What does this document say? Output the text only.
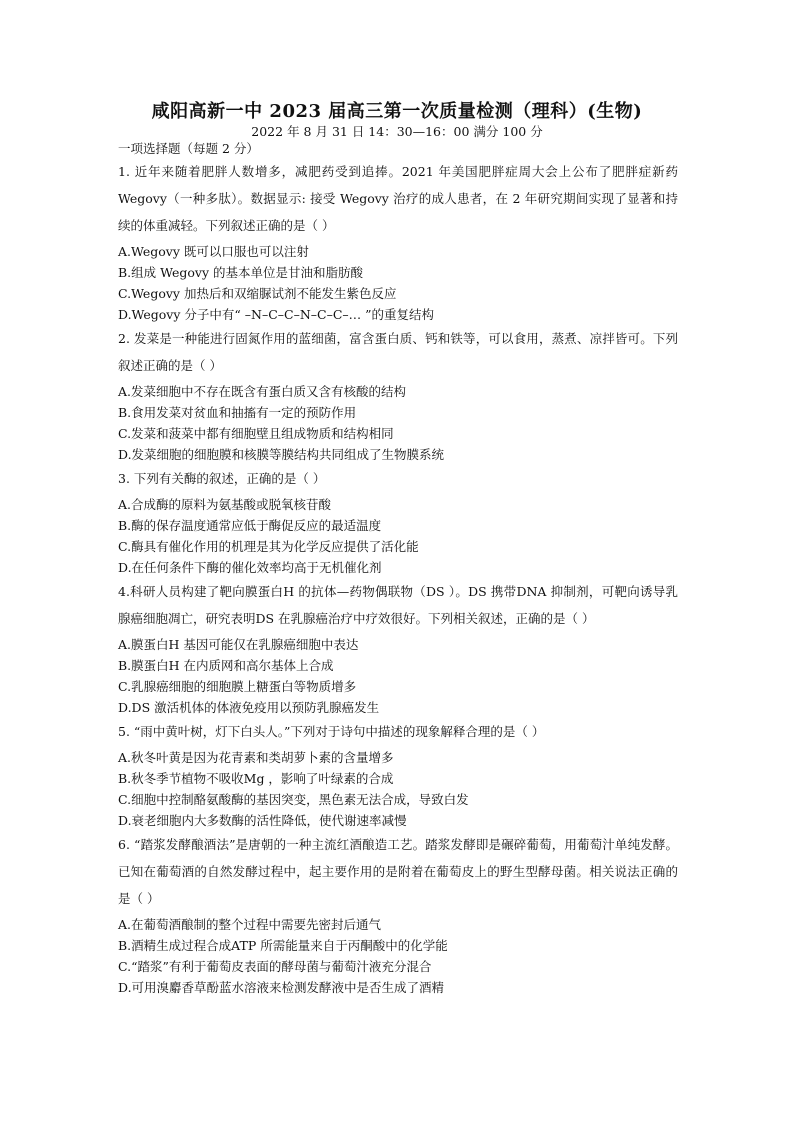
咸阳高新一中 2023 届高三第一次质量检测（理科）(生物)
2022 年 8 月 31 日 14：30—16：00 满分 100 分
一项选择题（每题 2 分）

1. 近年来随着肥胖人数增多，减肥药受到追捧。2021 年美国肥胖症周大会上公布了肥胖症新药 Wegovy（一种多肽）。数据显示: 接受 Wegovy 治疗的成人患者，在 2 年研究期间实现了显著和持续的体重减轻。下列叙述正确的是（ ）

A.Wegovy 既可以口服也可以注射

B.组成 Wegovy 的基本单位是甘油和脂肪酸

C.Wegovy 加热后和双缩脲试剂不能发生紫色反应

D.Wegovy 分子中有“ –N–C–C–N–C–C–… ”的重复结构

2. 发菜是一种能进行固氮作用的蓝细菌，富含蛋白质、钙和铁等，可以食用，蒸煮、凉拌皆可。下列叙述正确的是（ ）

A.发菜细胞中不存在既含有蛋白质又含有核酸的结构

B.食用发菜对贫血和抽搐有一定的预防作用

C.发菜和菠菜中都有细胞壁且组成物质和结构相同

D.发菜细胞的细胞膜和核膜等膜结构共同组成了生物膜系统

3. 下列有关酶的叙述，正确的是（ ）

A.合成酶的原料为氨基酸或脱氧核苷酸

B.酶的保存温度通常应低于酶促反应的最适温度

C.酶具有催化作用的机理是其为化学反应提供了活化能

D.在任何条件下酶的催化效率均高于无机催化剂

4.科研人员构建了靶向膜蛋白H 的抗体—药物偶联物（DS ）。DS 携带DNA 抑制剂，可靶向诱导乳腺癌细胞凋亡，研究表明DS 在乳腺癌治疗中疗效很好。下列相关叙述，正确的是（ ）

A.膜蛋白H 基因可能仅在乳腺癌细胞中表达

B.膜蛋白H 在内质网和高尔基体上合成

C.乳腺癌细胞的细胞膜上糖蛋白等物质增多

D.DS 激活机体的体液免疫用以预防乳腺癌发生

5. “雨中黄叶树，灯下白头人。”下列对于诗句中描述的现象解释合理的是（ ）

A.秋冬叶黄是因为花青素和类胡萝卜素的含量增多

B.秋冬季节植物不吸收Mg ，影响了叶绿素的合成

C.细胞中控制酪氨酸酶的基因突变，黑色素无法合成，导致白发

D.衰老细胞内大多数酶的活性降低，使代谢速率减慢

6. “踏浆发酵酿酒法”是唐朝的一种主流红酒酿造工艺。踏浆发酵即是碾碎葡萄，用葡萄汁单纯发酵。已知在葡萄酒的自然发酵过程中，起主要作用的是附着在葡萄皮上的野生型酵母菌。相关说法正确的是（ ）

A.在葡萄酒酿制的整个过程中需要先密封后通气

B.酒精生成过程合成ATP 所需能量来自于丙酮酸中的化学能

C.“踏浆”有利于葡萄皮表面的酵母菌与葡萄汁液充分混合

D.可用溴麝香草酚蓝水溶液来检测发酵液中是否生成了酒精
